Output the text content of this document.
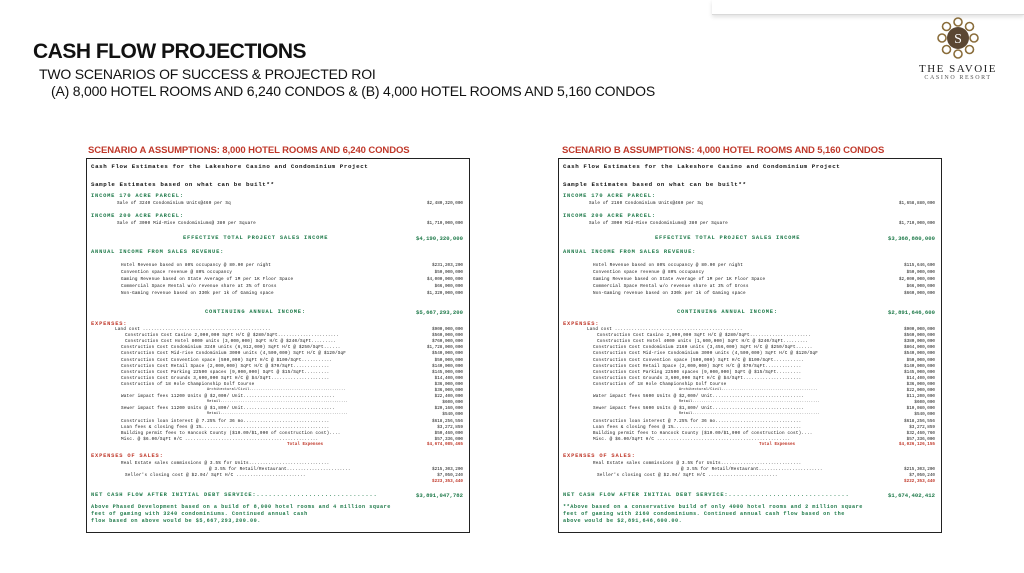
CASH FLOW PROJECTIONS
TWO SCENARIOS OF SUCCESS & PROJECTED ROI
(A) 8,000 HOTEL ROOMS AND 6,240 CONDOS & (B) 4,000 HOTEL ROOMS AND 5,160 CONDOS
S
THE SAVOIE
CASINO RESORT
SCENARIO A ASSUMPTIONS: 8,000 HOTEL ROOMS AND 6,240 CONDOS
Cash Flow Estimates for the Lakeshore Casino and Condominium Project
Sample Estimates based on what can be built**
INCOME 170 ACRE PARCEL:
Sale of 3240 Condominium Units@460 per Sq	$2,480,320,000
INCOME 200 ACRE PARCEL:
Sale of 3000 Mid-Rise Condominiums@ 380 per Square	$1,710,000,000
EFFECTIVE TOTAL PROJECT SALES INCOME	$4,190,320,000
ANNUAL INCOME FROM SALES REVENUE:
Hotel Revenue based on 80% occupancy @ 80.00 per night	$231,203,200
Convention space revenue @ 80% occupancy	$50,000,000
Gaming Revenue based on State Average of 1M per 1K Floor Space	$4,000,000,000
Commercial Space Rental w/o revenue share at 3% of Gross	$66,000,000
Non-Gaming revenue based on 330k per 1k of Gaming space	$1,320,000,000
CONTINUING ANNUAL INCOME:	$5,667,293,200
EXPENSES:
Land cost ..............................................	$900,000,000
Construction Cost Casino 2,000,000 SqFt H/C @ $280/SqFt......................	$560,000,000
Construction Cost Hotel 8000 units (3,000,000) SqFt H/C @ $240/SqFt.........	$760,000,000
Construction Cost Condominium 3240 units (6,912,000) SqFt H/C @ $250/SqFt......	$1,728,000,000
Construction Cost Mid-rise Condominium 3000 units (4,500,000) SqFt H/C @ $120/SqF	$540,000,000
Construction Cost Convention space (500,000) SqFt H/C @ $100/SqFt...........	$50,000,000
Construction Cost Retail Space (2,000,000) SqFt H/C @ $70/SqFt.............	$140,000,000
Construction Cost Parking 22500 spaces (9,000,000) SqFt @ $15/SqFt.........	$145,000,000
Construction Cost Grounds 3,600,000 SqFt H/C @ $4/SqFt.....................	$14,400,000
Construction of 18 Hole Championship Golf Course	$36,000,000
Architectural/Civil...........................................	$36,000,000
Water impact fees 11200 Units @ $2,000/ Unit.................................	$22,400,000
Retail.........................................................	$600,000
Sewer impact fees 11200 Units @ $1,800/ Unit.................................	$20,160,000
Retail.........................................................	$540,000
Construction loan interest @ 7.25% for 36 mo...............................	$618,256,556
Loan fees & closing fees @ 1%..............................................	$3,272,859
Building permit fees to Hancock County ($10.00/$1,000 of construction cost)....	$50,460,000
Misc. @ $6.00/SqFt H/C ................................................	$57,336,000
Total Expenses	$4,674,085,465
EXPENSES OF SALES:
Real Estate sales commissions @ 3.5% for Units.............................
@ 3.5% for Retail/Restaurant.......................	$215,303,200
Seller's closing cost @ $2.04/ SqFt H/C .........................	$7,050,240
$223,353,440
NET CASH FLOW AFTER INITIAL DEBT SERVICE:..............................	$3,891,047,782
Above Phased Development based on a build of 8,000 hotel rooms and 4 million square
feet of gaming with 3240 condominiums. Continued annual cash
flow based on above would be $5,667,293,200.00.
SCENARIO B ASSUMPTIONS: 4,000 HOTEL ROOMS AND 5,160 CONDOS
Cash Flow Estimates for the Lakeshore Casino and Condominium Project
Sample Estimates based on what can be built**
INCOME 170 ACRE PARCEL:
Sale of 2160 Condominium Units@460 per Sq	$1,658,880,000
INCOME 200 ACRE PARCEL:
Sale of 3000 Mid-Rise Condominiums@ 380 per Square	$1,710,000,000
EFFECTIVE TOTAL PROJECT SALES INCOME	$3,368,880,000
ANNUAL INCOME FROM SALES REVENUE:
Hotel Revenue based on 80% occupancy @ 80.00 per night	$115,646,600
Convention space revenue @ 80% occupancy	$50,000,000
Gaming Revenue based on State Average of 1M per 1K Floor Space	$2,000,000,000
Commercial Space Rental w/o revenue share at 3% of Gross	$66,000,000
Non-Gaming revenue based on 330k per 1k of Gaming space	$660,000,000
CONTINUING ANNUAL INCOME:	$2,891,646,600
EXPENSES:
Land cost ..............................................	$900,000,000
Construction Cost Casino 2,000,000 SqFt H/C @ $280/SqFt......................	$560,000,000
Construction Cost Hotel 4000 units (1,600,000) SqFt H/C @ $240/SqFt.........	$380,000,000
Construction Cost Condominium 2160 units (3,456,000) SqFt H/C @ $250/SqFt......	$864,000,000
Construction Cost Mid-rise Condominium 3000 units (4,500,000) SqFt H/C @ $120/SqF	$540,000,000
Construction Cost Convention space (500,000) SqFt H/C @ $100/SqFt...........	$50,000,000
Construction Cost Retail Space (2,000,000) SqFt H/C @ $70/SqFt.............	$140,000,000
Construction Cost Parking 22500 spaces (9,000,000) SqFt @ $15/SqFt.........	$145,000,000
Construction Cost Grounds 3,600,000 SqFt H/C @ $4/SqFt.....................	$14,400,000
Construction of 18 Hole Championship Golf Course	$36,000,000
Architectural/Civil...........................................	$22,000,000
Water impact fees 5600 Units @ $2,000/ Unit.................................	$11,200,000
Retail.........................................................	$600,000
Sewer impact fees 5600 Units @ $1,800/ Unit.................................	$10,080,000
Retail.........................................................	$540,000
Construction loan interest @ 7.25% for 36 mo...............................	$618,256,556
Loan fees & closing fees @ 1%..............................................	$3,272,859
Building permit fees to Hancock County ($10.00/$1,000 of construction cost)....	$32,460,760
Misc. @ $6.00/SqFt H/C ................................................	$57,336,000
Total Expenses	$4,026,126,155
EXPENSES OF SALES:
Real Estate sales commissions @ 3.5% for Units.............................
@ 3.5% for Retail/Restaurant.......................	$215,303,200
Seller's closing cost @ $2.04/ SqFt H/C .........................	$7,050,240
$222,353,440
NET CASH FLOW AFTER INITIAL DEBT SERVICE:..............................	$1,674,402,412
**Above based on a conservative build of only 4000 hotel rooms and 2 million square
feet of gaming with 2160 condominiums. Continued annual cash flow based on the
above would be $2,891,646,600.00.
